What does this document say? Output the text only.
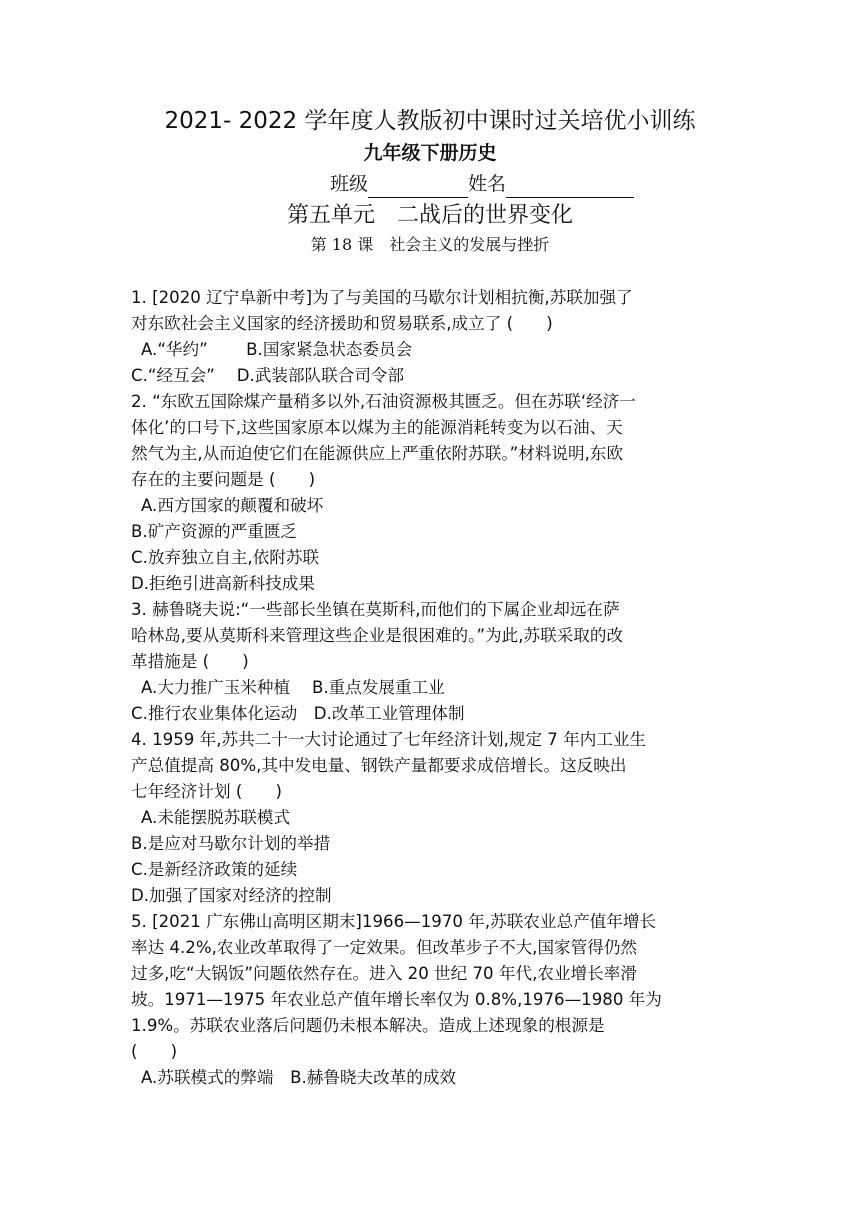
2021- 2022 学年度人教版初中课时过关培优小训练
九年级下册历史
班级	姓名
第五单元　二战后的世界变化
第 18 课　社会主义的发展与挫折
1. [2020 辽宁阜新中考]为了与美国的马歇尔计划相抗衡,苏联加强了
对东欧社会主义国家的经济援助和贸易联系,成立了 (　　)
A.“华约”　　 B.国家紧急状态委员会
C.“经互会”　 D.武装部队联合司令部
2. “东欧五国除煤产量稍多以外,石油资源极其匮乏。但在苏联‘经济一
体化’的口号下,这些国家原本以煤为主的能源消耗转变为以石油、天
然气为主,从而迫使它们在能源供应上严重依附苏联。”材料说明,东欧
存在的主要问题是 (　　)
A.西方国家的颠覆和破坏
B.矿产资源的严重匮乏
C.放弃独立自主,依附苏联
D.拒绝引进高新科技成果
3. 赫鲁晓夫说:“一些部长坐镇在莫斯科,而他们的下属企业却远在萨
哈林岛,要从莫斯科来管理这些企业是很困难的。”为此,苏联采取的改
革措施是 (　　)
A.大力推广玉米种植　 B.重点发展重工业
C.推行农业集体化运动　D.改革工业管理体制
4. 1959 年,苏共二十一大讨论通过了七年经济计划,规定 7 年内工业生
产总值提高 80%,其中发电量、钢铁产量都要求成倍增长。这反映出
七年经济计划 (　　)
A.未能摆脱苏联模式
B.是应对马歇尔计划的举措
C.是新经济政策的延续
D.加强了国家对经济的控制
5. [2021 广东佛山高明区期末]1966—1970 年,苏联农业总产值年增长
率达 4.2%,农业改革取得了一定效果。但改革步子不大,国家管得仍然
过多,吃“大锅饭”问题依然存在。进入 20 世纪 70 年代,农业增长率滑
坡。1971—1975 年农业总产值年增长率仅为 0.8%,1976—1980 年为
1.9%。苏联农业落后问题仍未根本解决。造成上述现象的根源是
(　　)
A.苏联模式的弊端　B.赫鲁晓夫改革的成效
